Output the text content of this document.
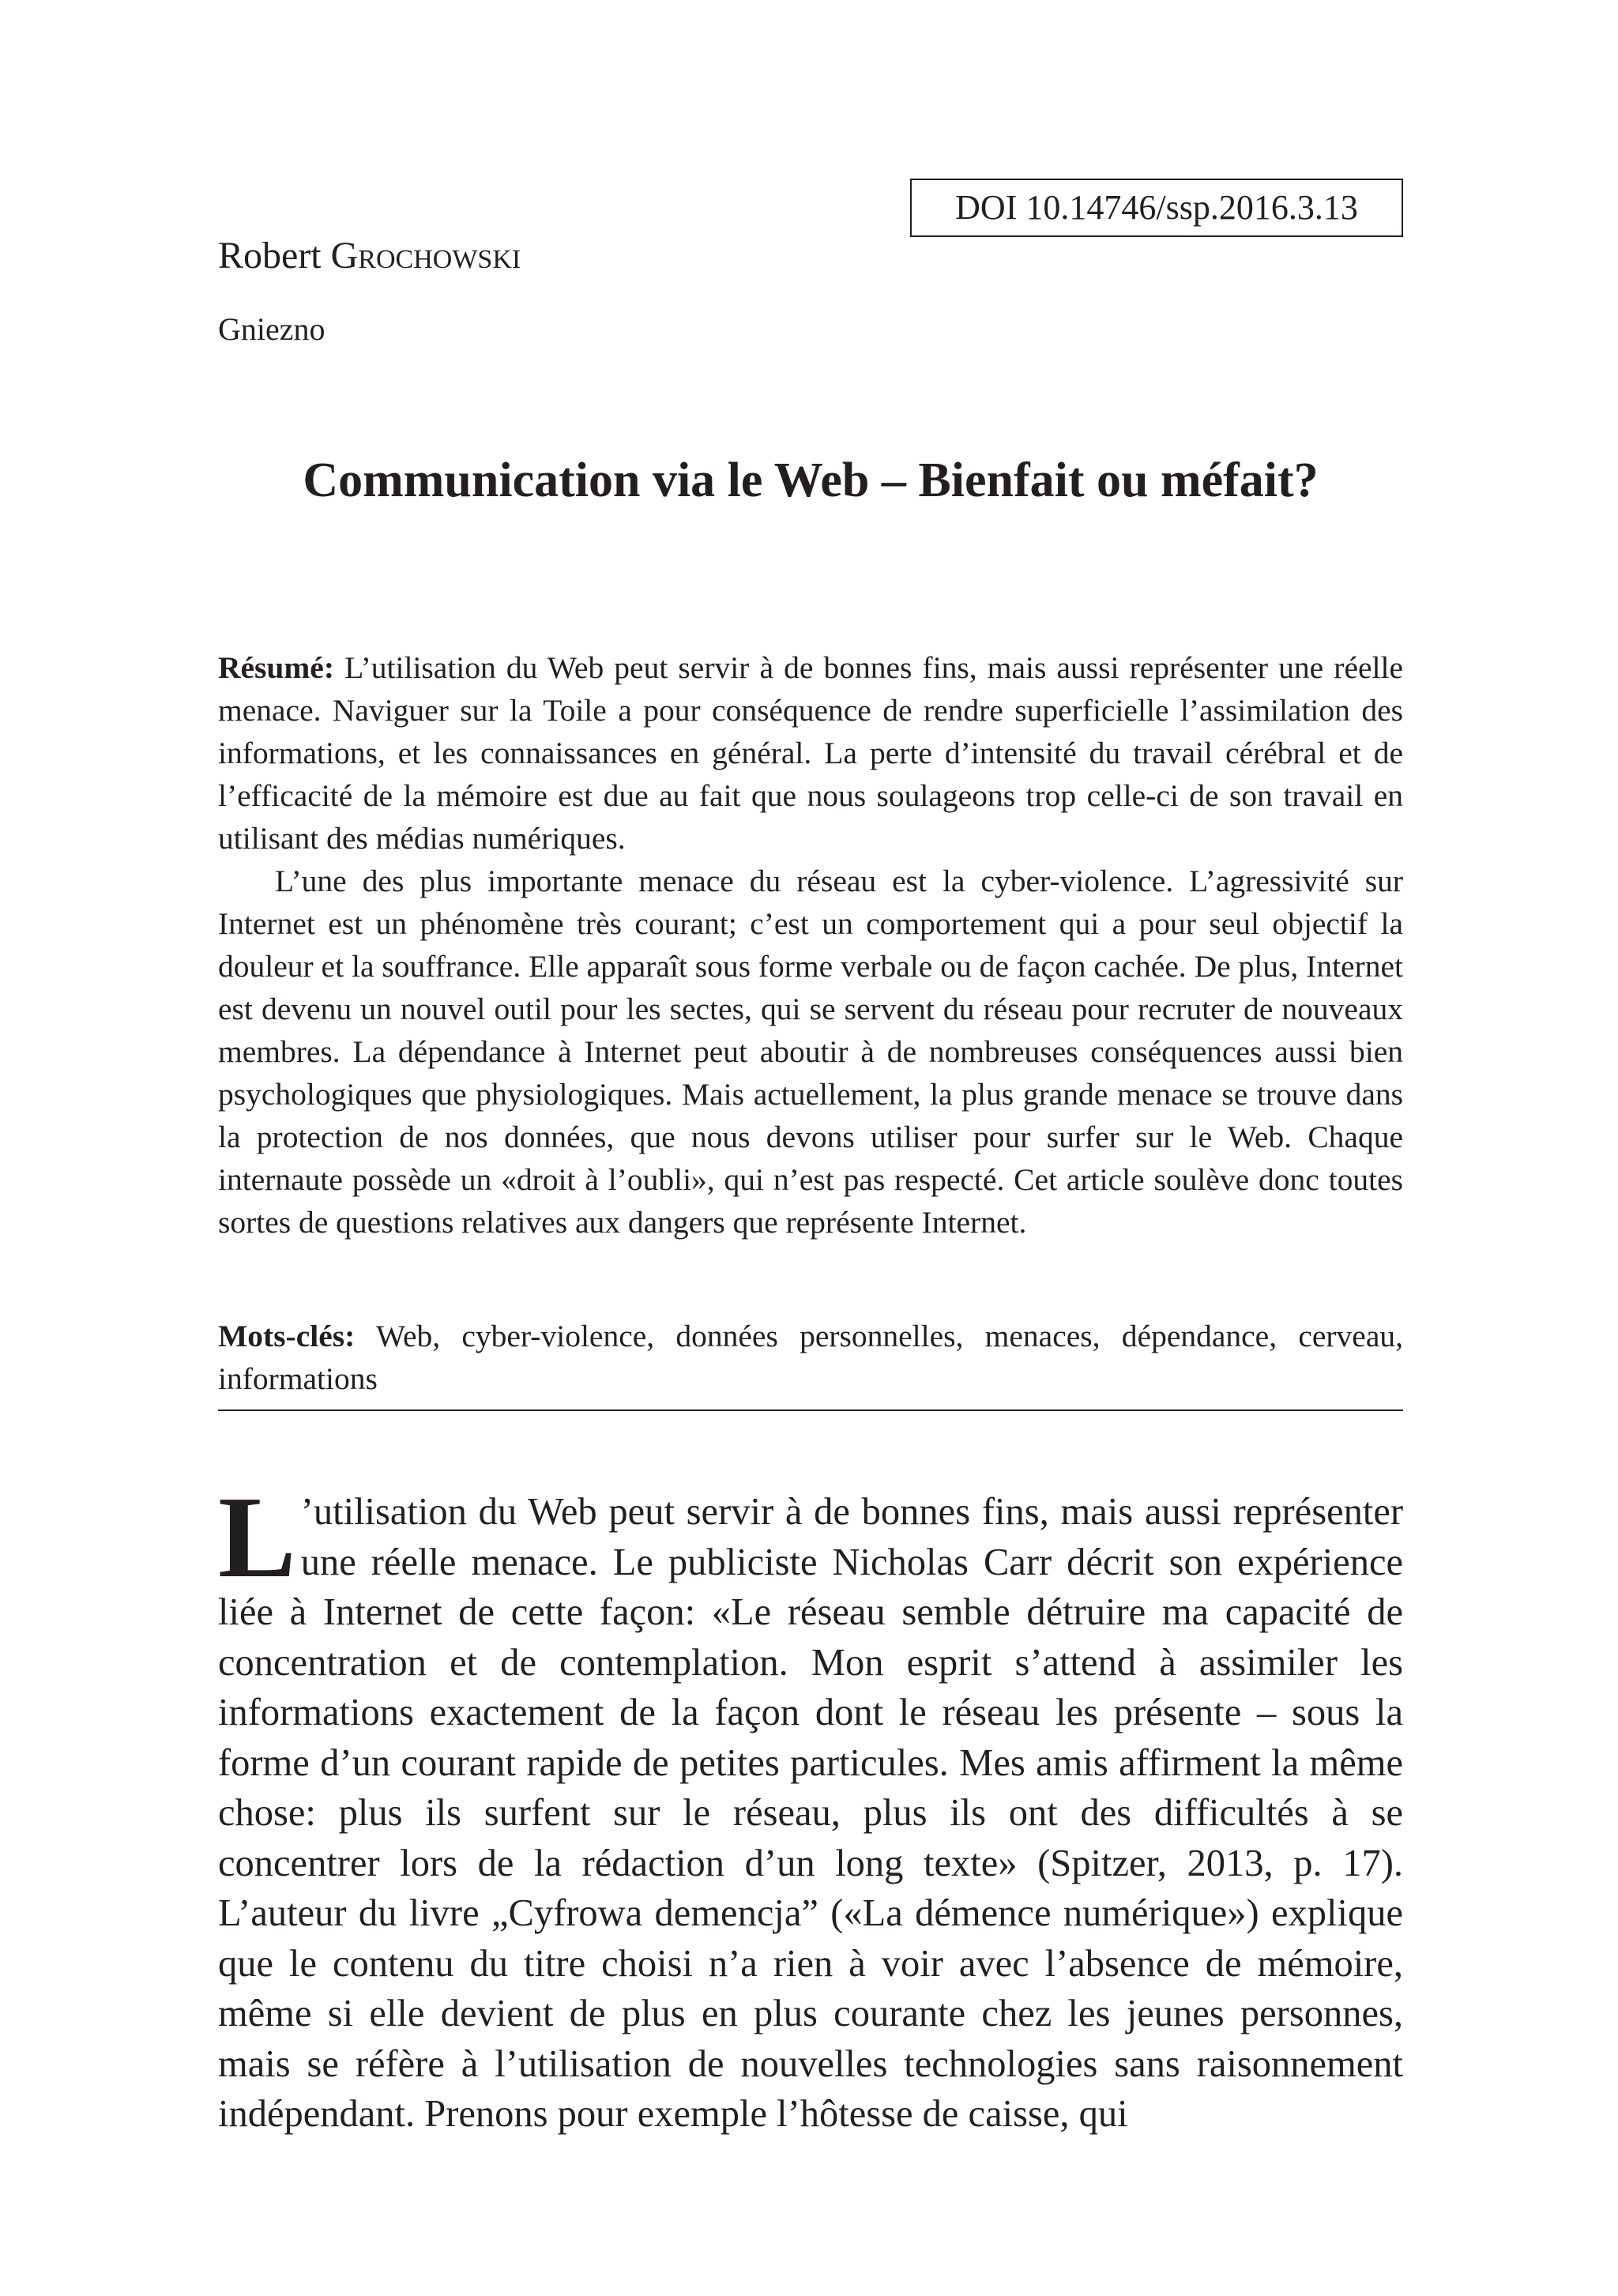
DOI 10.14746/ssp.2016.3.13
Robert Grochowski
Gniezno
Communication via le Web – Bienfait ou méfait?

Résumé: L’utilisation du Web peut servir à de bonnes fins, mais aussi représenter une réelle menace. Naviguer sur la Toile a pour conséquence de rendre superficielle l’assimilation des informations, et les connaissances en général. La perte d’intensité du travail cérébral et de l’efficacité de la mémoire est due au fait que nous soulageons trop celle-ci de son travail en utilisant des médias numériques.

L’une des plus importante menace du réseau est la cyber-violence. L’agressivité sur Internet est un phénomène très courant; c’est un comportement qui a pour seul objectif la douleur et la souffrance. Elle apparaît sous forme verbale ou de façon cachée. De plus, Internet est devenu un nouvel outil pour les sectes, qui se servent du réseau pour recruter de nouveaux membres. La dépendance à Internet peut aboutir à de nombreuses conséquences aussi bien psychologiques que physiologiques. Mais actuellement, la plus grande menace se trouve dans la protection de nos données, que nous devons utiliser pour surfer sur le Web. Chaque internaute possède un «droit à l’oubli», qui n’est pas respecté. Cet article soulève donc toutes sortes de questions relatives aux dangers que représente Internet.

Mots-clés: Web, cyber-violence, données personnelles, menaces, dépendance, cerveau, informations

L ’utilisation du Web peut servir à de bonnes fins, mais aussi représenter une réelle menace. Le publiciste Nicholas Carr décrit son expérience liée à Internet de cette façon: «Le réseau semble détruire ma capacité de concentration et de contemplation. Mon esprit s’attend à assimiler les informations exactement de la façon dont le réseau les présente – sous la forme d’un courant rapide de petites particules. Mes amis affirment la même chose: plus ils surfent sur le réseau, plus ils ont des difficultés à se concentrer lors de la rédaction d’un long texte» (Spitzer, 2013, p. 17). L’auteur du livre „Cyfrowa demencja” («La démence numérique») explique que le contenu du titre choisi n’a rien à voir avec l’absence de mémoire, même si elle devient de plus en plus courante chez les jeunes personnes, mais se réfère à l’utilisation de nouvelles technologies sans raisonnement indépendant. Prenons pour exemple l’hôtesse de caisse, qui
